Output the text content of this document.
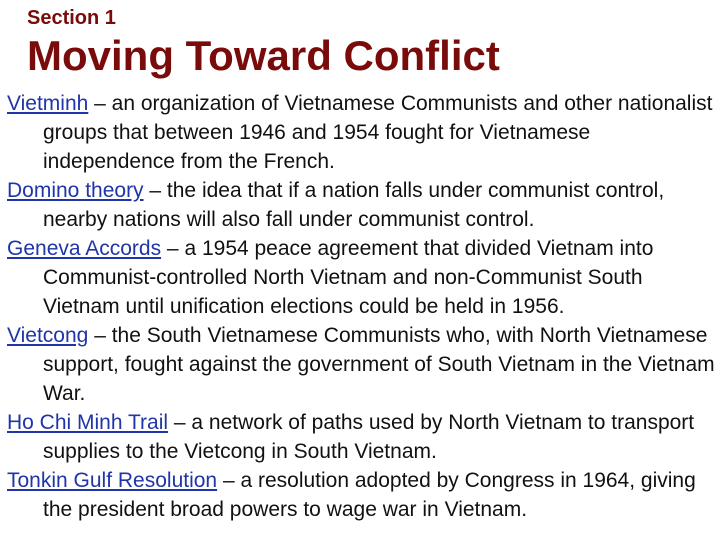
Section 1
Moving Toward Conflict
Vietminh – an organization of Vietnamese Communists and other nationalist groups that between 1946 and 1954 fought for Vietnamese independence from the French.
Domino theory – the idea that if a nation falls under communist control, nearby nations will also fall under communist control.
Geneva Accords – a 1954 peace agreement that divided Vietnam into Communist-controlled North Vietnam and non-Communist South Vietnam until unification elections could be held in 1956.
Vietcong – the South Vietnamese Communists who, with North Vietnamese support, fought against the government of South Vietnam in the Vietnam War.
Ho Chi Minh Trail – a network of paths used by North Vietnam to transport supplies to the Vietcong in South Vietnam.
Tonkin Gulf Resolution – a resolution adopted by Congress in 1964, giving the president broad powers to wage war in Vietnam.
